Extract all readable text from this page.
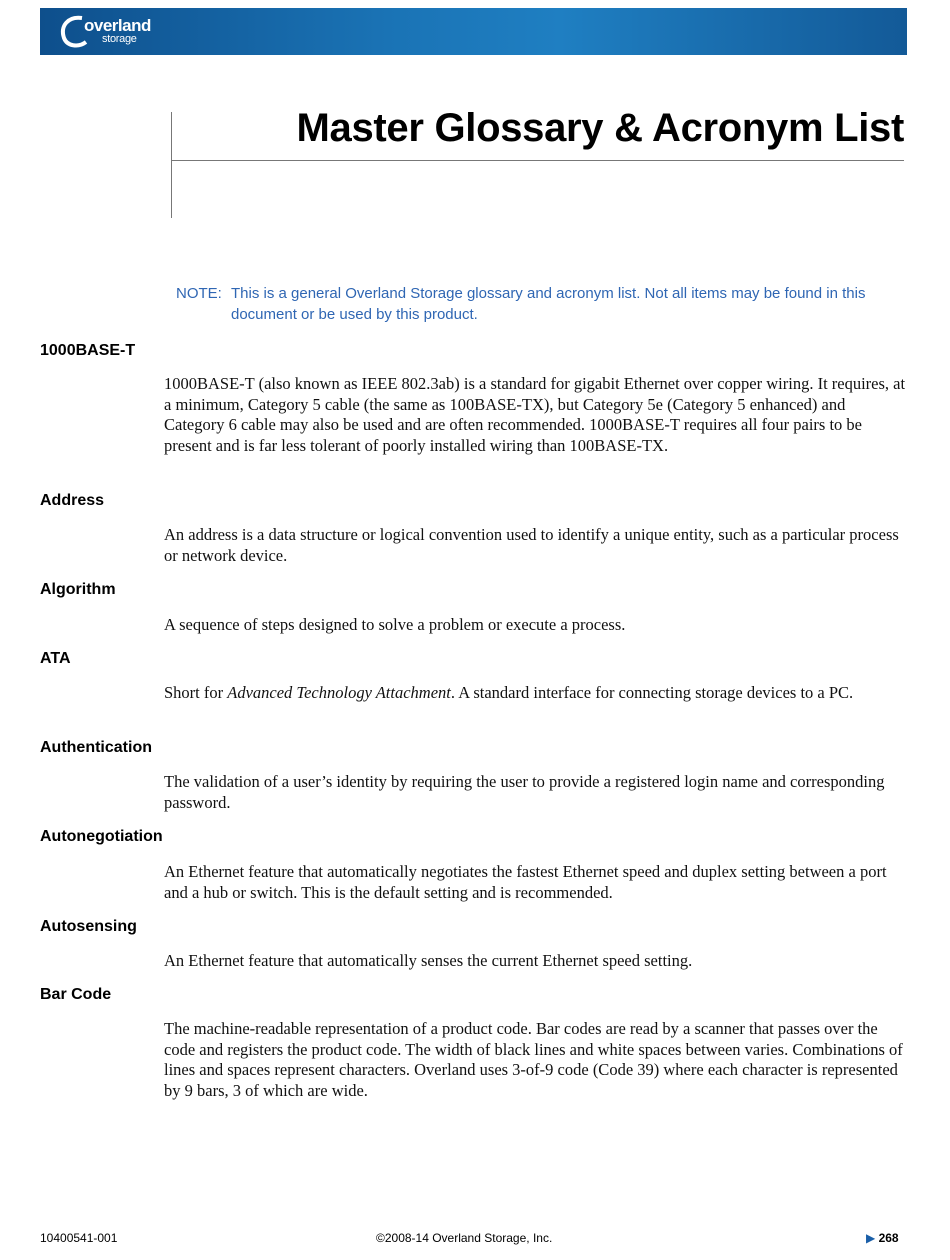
overland
storage
Master Glossary & Acronym List
NOTE: This is a general Overland Storage glossary and acronym list. Not all items may be found in this document or be used by this product.
1000BASE-T
1000BASE-T (also known as IEEE 802.3ab) is a standard for gigabit Ethernet over copper wiring. It requires, at a minimum, Category 5 cable (the same as 100BASE-TX), but Category 5e (Category 5 enhanced) and Category 6 cable may also be used and are often recommended. 1000BASE-T requires all four pairs to be present and is far less tolerant of poorly installed wiring than 100BASE-TX.
Address
An address is a data structure or logical convention used to identify a unique entity, such as a particular process or network device.
Algorithm
A sequence of steps designed to solve a problem or execute a process.
ATA
Short for Advanced Technology Attachment. A standard interface for connecting storage devices to a PC.
Authentication
The validation of a user’s identity by requiring the user to provide a registered login name and corresponding password.
Autonegotiation
An Ethernet feature that automatically negotiates the fastest Ethernet speed and duplex setting between a port and a hub or switch. This is the default setting and is recommended.
Autosensing
An Ethernet feature that automatically senses the current Ethernet speed setting.
Bar Code
The machine-readable representation of a product code. Bar codes are read by a scanner that passes over the code and registers the product code. The width of black lines and white spaces between varies. Combinations of lines and spaces represent characters. Overland uses 3-of-9 code (Code 39) where each character is represented by 9 bars, 3 of which are wide.
10400541-001	©2008-14 Overland Storage, Inc.	▶ 268
